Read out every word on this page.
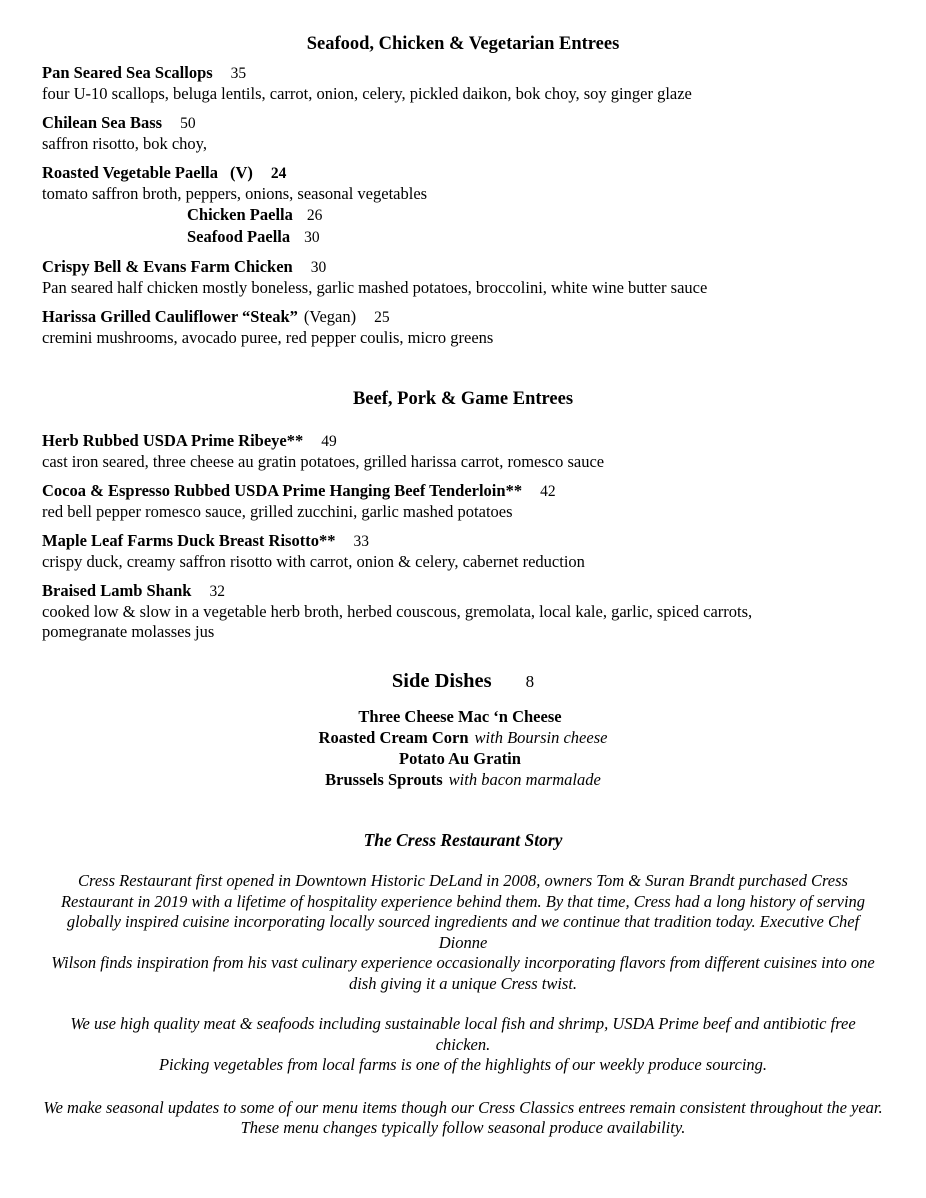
Seafood, Chicken & Vegetarian Entrees
Pan Seared Sea Scallops 35
four U-10 scallops, beluga lentils, carrot, onion, celery, pickled daikon, bok choy, soy ginger glaze
Chilean Sea Bass 50
saffron risotto, bok choy,
Roasted Vegetable Paella (V) 24
tomato saffron broth, peppers, onions, seasonal vegetables
Chicken Paella 26
Seafood Paella 30
Crispy Bell & Evans Farm Chicken 30
Pan seared half chicken mostly boneless, garlic mashed potatoes, broccolini, white wine butter sauce
Harissa Grilled Cauliflower “Steak” (Vegan) 25
cremini mushrooms, avocado puree, red pepper coulis, micro greens
Beef, Pork & Game Entrees
Herb Rubbed USDA Prime Ribeye** 49
cast iron seared, three cheese au gratin potatoes, grilled harissa carrot, romesco sauce
Cocoa & Espresso Rubbed USDA Prime Hanging Beef Tenderloin** 42
red bell pepper romesco sauce, grilled zucchini, garlic mashed potatoes
Maple Leaf Farms Duck Breast Risotto** 33
crispy duck, creamy saffron risotto with carrot, onion & celery, cabernet reduction
Braised Lamb Shank 32
cooked low & slow in a vegetable herb broth, herbed couscous, gremolata, local kale, garlic, spiced carrots,
pomegranate molasses jus
Side Dishes 8
Three Cheese Mac ‘n Cheese
Roasted Cream Corn with Boursin cheese
Potato Au Gratin
Brussels Sprouts with bacon marmalade
The Cress Restaurant Story
Cress Restaurant first opened in Downtown Historic DeLand in 2008, owners Tom & Suran Brandt purchased Cress
Restaurant in 2019 with a lifetime of hospitality experience behind them. By that time, Cress had a long history of serving
globally inspired cuisine incorporating locally sourced ingredients and we continue that tradition today. Executive Chef Dionne
Wilson finds inspiration from his vast culinary experience occasionally incorporating flavors from different cuisines into one
dish giving it a unique Cress twist.
We use high quality meat & seafoods including sustainable local fish and shrimp, USDA Prime beef and antibiotic free chicken.
Picking vegetables from local farms is one of the highlights of our weekly produce sourcing.
We make seasonal updates to some of our menu items though our Cress Classics entrees remain consistent throughout the year.
These menu changes typically follow seasonal produce availability.
